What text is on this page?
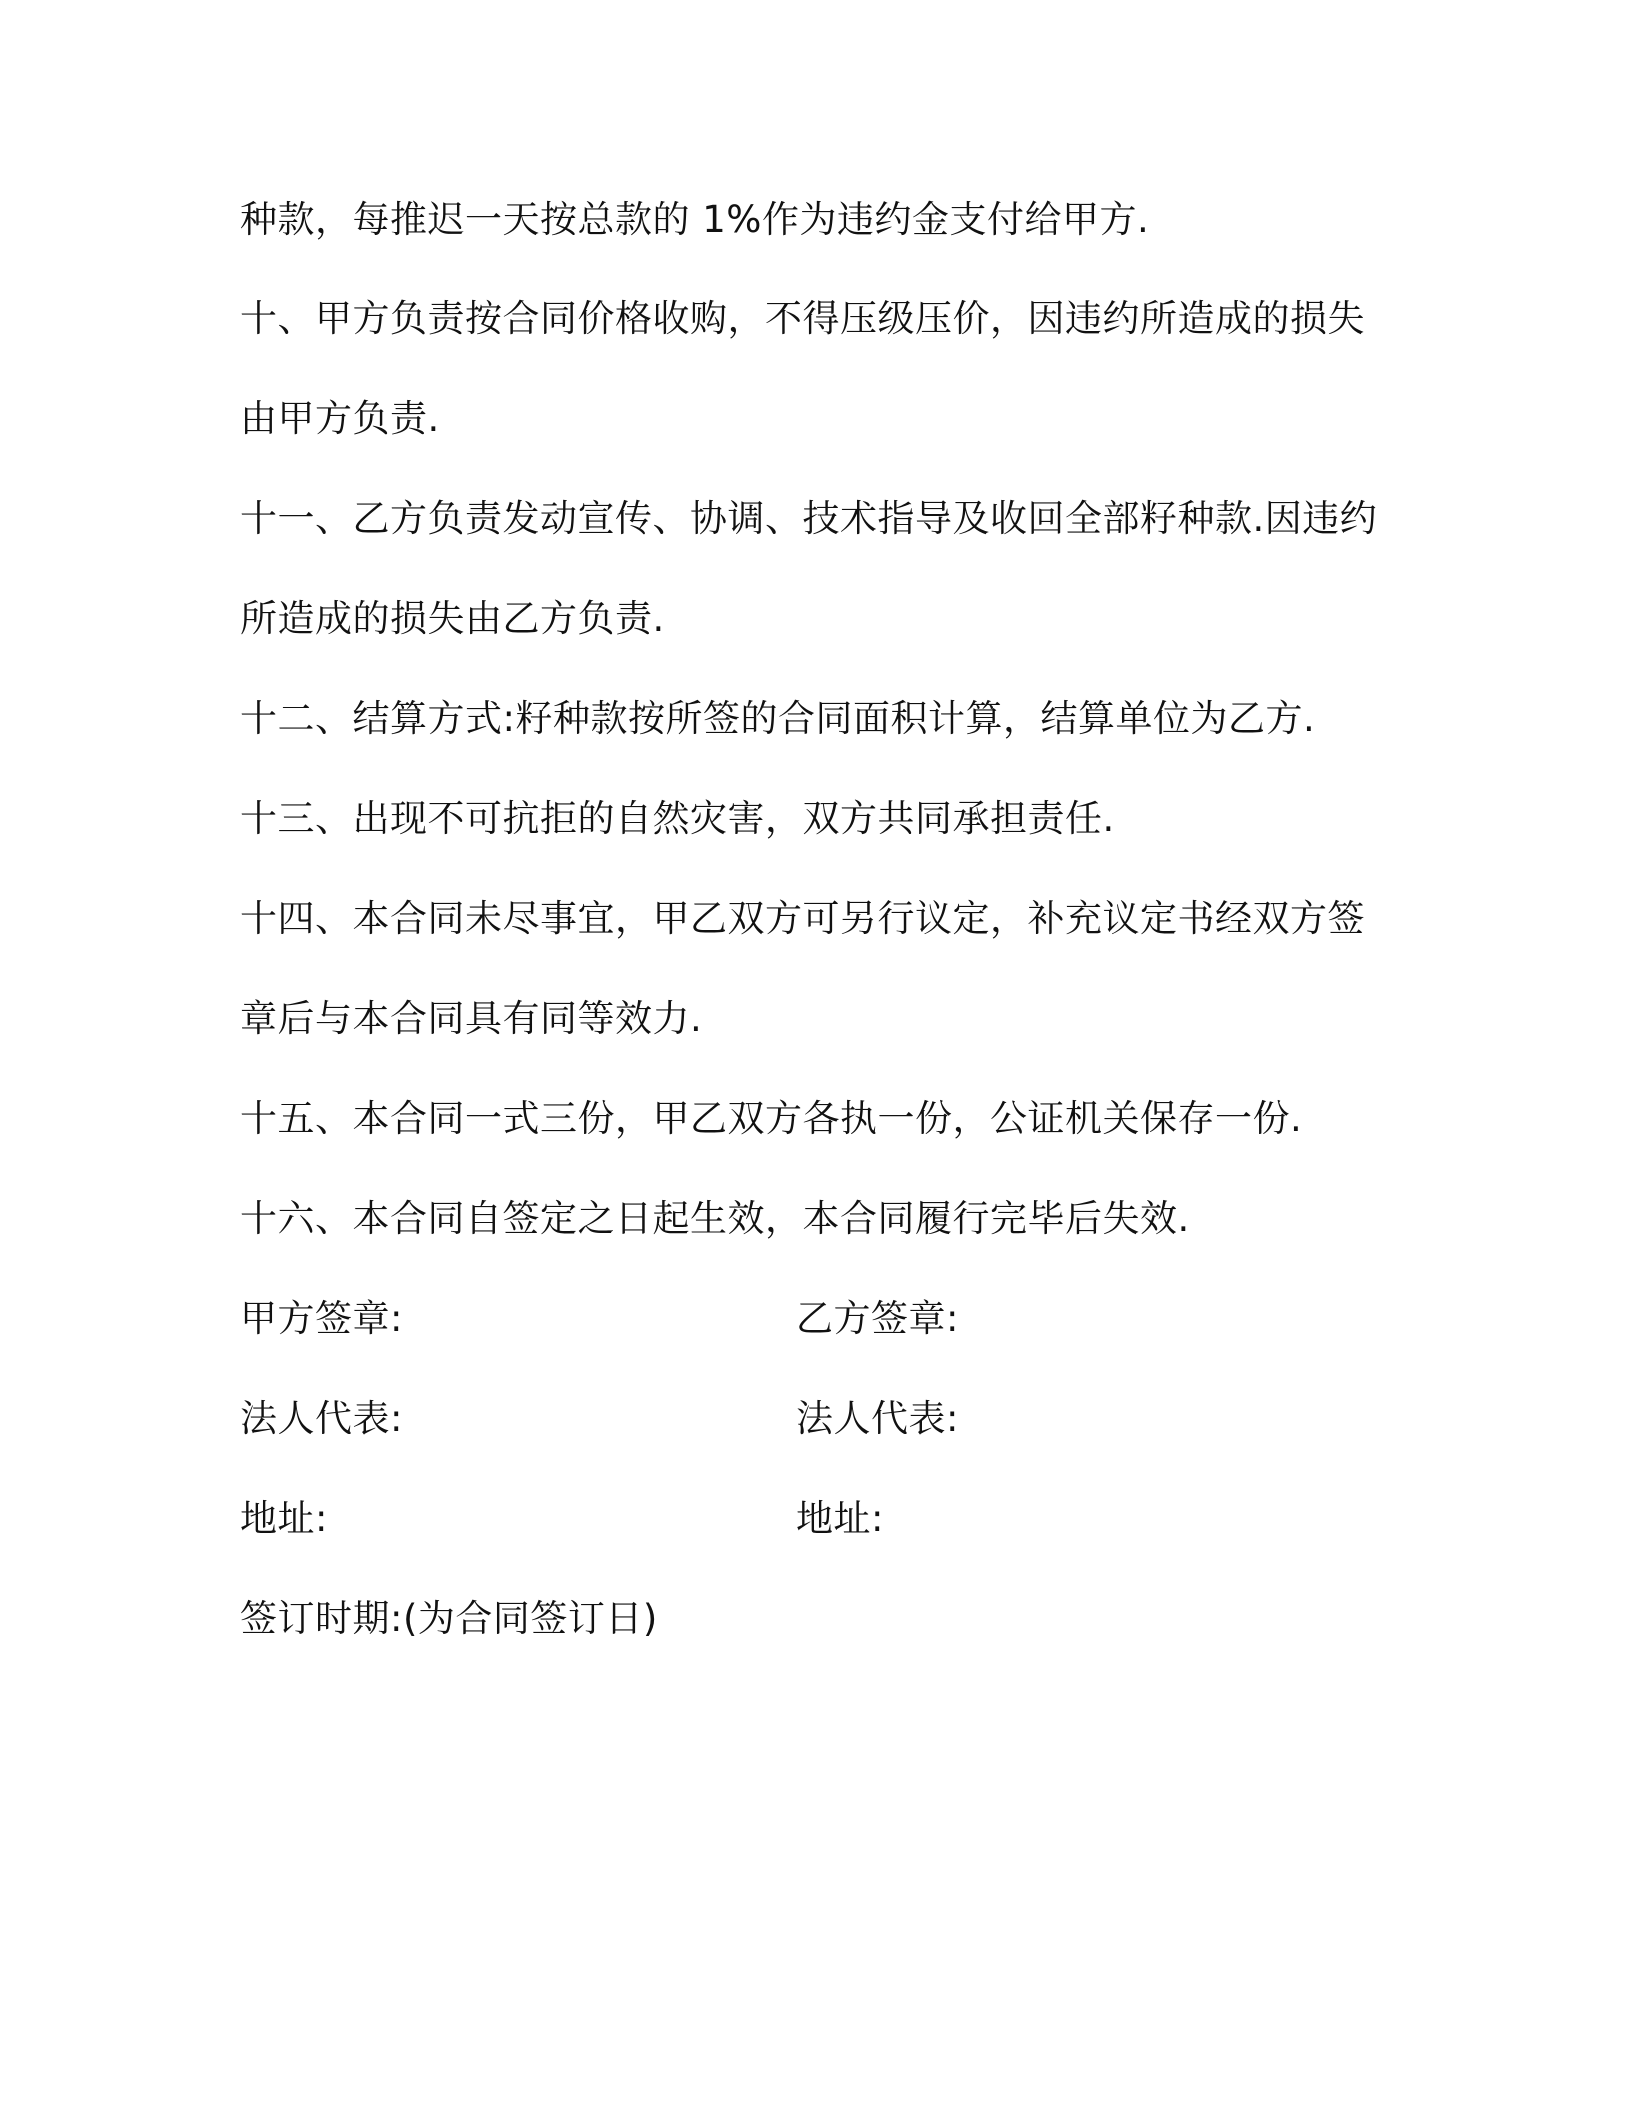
种款，每推迟一天按总款的 1%作为违约金支付给甲方.

十、甲方负责按合同价格收购，不得压级压价，因违约所造成的损失

由甲方负责.

十一、乙方负责发动宣传、协调、技术指导及收回全部籽种款.因违约

所造成的损失由乙方负责.

十二、结算方式:籽种款按所签的合同面积计算，结算单位为乙方.

十三、出现不可抗拒的自然灾害，双方共同承担责任.

十四、本合同未尽事宜，甲乙双方可另行议定，补充议定书经双方签

章后与本合同具有同等效力.

十五、本合同一式三份，甲乙双方各执一份，公证机关保存一份.

十六、本合同自签定之日起生效，本合同履行完毕后失效.

甲方签章:	乙方签章:

法人代表:	法人代表:

地址:	地址:

签订时期:(为合同签订日)
